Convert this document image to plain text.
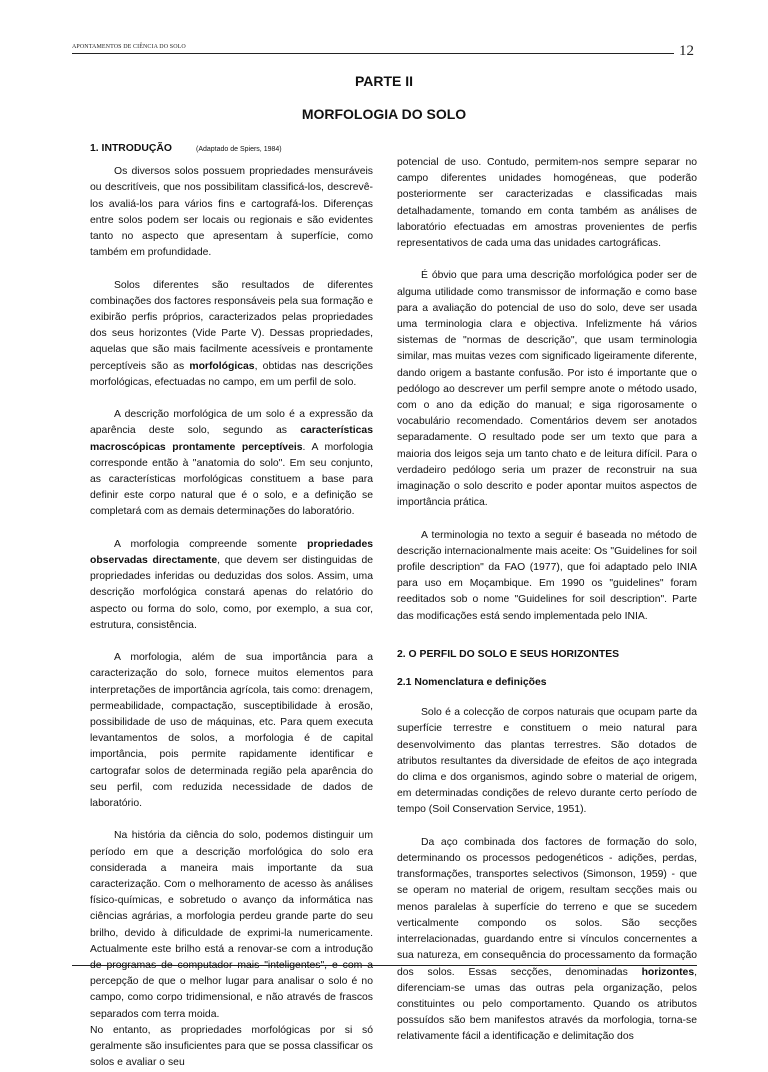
APONTAMENTOS DE CIÊNCIA DO SOLO	12
PARTE II
MORFOLOGIA DO SOLO
1. INTRODUÇÃO	(Adaptado de Spiers, 1984)

Os diversos solos possuem propriedades mensuráveis ou descritíveis, que nos possibilitam classificá-los, descrevê-los avaliá-los para vários fins e cartografá-los. Diferenças entre solos podem ser locais ou regionais e são evidentes tanto no aspecto que apresentam à superfície, como também em profundidade.

Solos diferentes são resultados de diferentes combinações dos factores responsáveis pela sua formação e exibirão perfis próprios, caracterizados pelas propriedades dos seus horizontes (Vide Parte V). Dessas propriedades, aquelas que são mais facilmente acessíveis e prontamente perceptíveis são as morfológicas, obtidas nas descrições morfológicas, efectuadas no campo, em um perfil de solo.

A descrição morfológica de um solo é a expressão da aparência deste solo, segundo as características macroscópicas prontamente perceptíveis. A morfologia corresponde então à "anatomia do solo". Em seu conjunto, as características morfológicas constituem a base para definir este corpo natural que é o solo, e a definição se completará com as demais determinações do laboratório.

A morfologia compreende somente propriedades observadas directamente, que devem ser distinguidas de propriedades inferidas ou deduzidas dos solos. Assim, uma descrição morfológica constará apenas do relatório do aspecto ou forma do solo, como, por exemplo, a sua cor, estrutura, consistência.

A morfologia, além de sua importância para a caracterização do solo, fornece muitos elementos para interpretações de importância agrícola, tais como: drenagem, permeabilidade, compactação, susceptibilidade à erosão, possibilidade de uso de máquinas, etc. Para quem executa levantamentos de solos, a morfologia é de capital importância, pois permite rapidamente identificar e cartografar solos de determinada região pela aparência do seu perfil, com reduzida necessidade de dados de laboratório.

Na história da ciência do solo, podemos distinguir um período em que a descrição morfológica do solo era considerada a maneira mais importante da sua caracterização. Com o melhoramento de acesso às análises físico-químicas, e sobretudo o avanço da informática nas ciências agrárias, a morfologia perdeu grande parte do seu brilho, devido à dificuldade de exprimi-la numericamente. Actualmente este brilho está a renovar-se com a introdução de programas de computador mais "inteligentes", e com a percepção de que o melhor lugar para analisar o solo é no campo, como corpo tridimensional, e não através de frascos separados com terra moida.

No entanto, as propriedades morfológicas por si só geralmente são insuficientes para que se possa classificar os solos e avaliar o seu

potencial de uso. Contudo, permitem-nos sempre separar no campo diferentes unidades homogéneas, que poderão posteriormente ser caracterizadas e classificadas mais detalhadamente, tomando em conta também as análises de laboratório efectuadas em amostras provenientes de perfis representativos de cada uma das unidades cartográficas.

É óbvio que para uma descrição morfológica poder ser de alguma utilidade como transmissor de informação e como base para a avaliação do potencial de uso do solo, deve ser usada uma terminologia clara e objectiva. Infelizmente há vários sistemas de "normas de descrição", que usam terminologia similar, mas muitas vezes com significado ligeiramente diferente, dando origem a bastante confusão. Por isto é importante que o pedólogo ao descrever um perfil sempre anote o método usado, com o ano da edição do manual; e siga rigorosamente o vocabulário recomendado. Comentários devem ser anotados separadamente. O resultado pode ser um texto que para a maioria dos leigos seja um tanto chato e de leitura difícil. Para o verdadeiro pedólogo seria um prazer de reconstruir na sua imaginação o solo descrito e poder apontar muitos aspectos de importância prática.

A terminologia no texto a seguir é baseada no método de descrição internacionalmente mais aceite: Os "Guidelines for soil profile description" da FAO (1977), que foi adaptado pelo INIA para uso em Moçambique. Em 1990 os "guidelines" foram reeditados sob o nome "Guidelines for soil description". Parte das modificações está sendo implementada pelo INIA.

2. O PERFIL DO SOLO E SEUS HORIZONTES
2.1 Nomenclatura e definições

Solo é a colecção de corpos naturais que ocupam parte da superfície terrestre e constituem o meio natural para desenvolvimento das plantas terrestres. São dotados de atributos resultantes da diversidade de efeitos de aço integrada do clima e dos organismos, agindo sobre o material de origem, em determinadas condições de relevo durante certo período de tempo (Soil Conservation Service, 1951).

Da aço combinada dos factores de formação do solo, determinando os processos pedogenéticos - adições, perdas, transformações, transportes selectivos (Simonson, 1959) - que se operam no material de origem, resultam secções mais ou menos paralelas à superfície do terreno e que se sucedem verticalmente compondo os solos. São secções interrelacionadas, guardando entre si vínculos concernentes a sua natureza, em consequência do processamento da formação dos solos. Essas secções, denominadas horizontes, diferenciam-se umas das outras pela organização, pelos constituintes ou pelo comportamento. Quando os atributos possuídos são bem manifestos através da morfologia, torna-se relativamente fácil a identificação e delimitação dos
